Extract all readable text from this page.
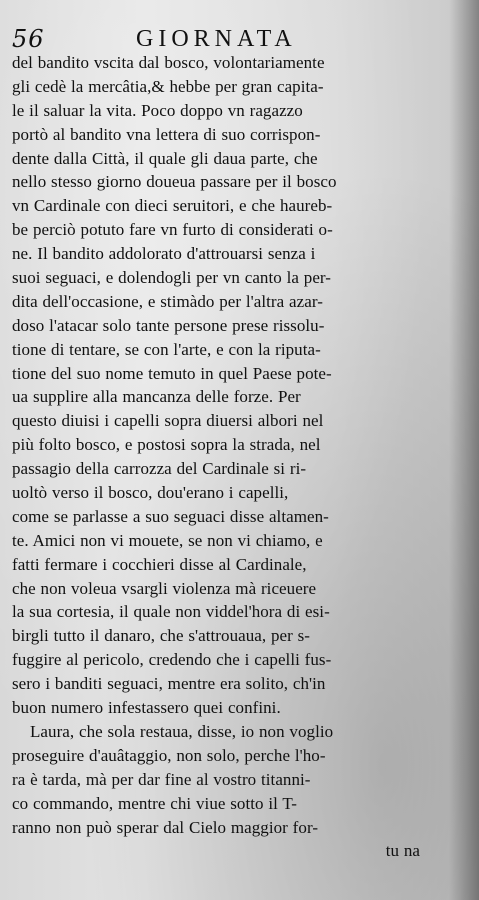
56	GIORNATA
del bandito vscita dal bosco, volontariamente
gli cedè la mercâtia,& hebbe per gran capita-
le il saluar la vita. Poco doppo vn ragazzo
portò al bandito vna lettera di suo corrispon-
dente dalla Città, il quale gli daua parte, che
nello stesso giorno doueua passare per il bosco
vn Cardinale con dieci seruitori, e che haureb-
be perciò potuto fare vn furto di considerati o-
ne. Il bandito addolorato d'attrouarsi senza i
suoi seguaci, e dolendogli per vn canto la per-
dita dell'occasione, e stimàdo per l'altra azar-
doso l'atacar solo tante persone prese rissolu-
tione di tentare, se con l'arte, e con la riputa-
tione del suo nome temuto in quel Paese pote-
ua supplire alla mancanza delle forze. Per
questo diuisi i capelli sopra diuersi albori nel
più folto bosco, e postosi sopra la strada, nel
passagio della carrozza del Cardinale si ri-
uoltò verso il bosco, dou'erano i capelli,
come se parlasse a suo seguaci disse altamen-
te. Amici non vi mouete, se non vi chiamo, e
fatti fermare i cocchieri disse al Cardinale,
che non voleua vsargli violenza mà riceuere
la sua cortesia, il quale non viddel'hora di esi-
birgli tutto il danaro, che s'attrouaua, per s-
fuggire al pericolo, credendo che i capelli fus-
sero i banditi seguaci, mentre era solito, ch'in
buon numero infestassero quei confini.
Laura, che sola restaua, disse, io non voglio
proseguire d'auâtaggio, non solo, perche l'ho-
ra è tarda, mà per dar fine al vostro titanni-
co commando, mentre chi viue sotto il T-
ranno non può sperar dal Cielo maggior for-
tu na
